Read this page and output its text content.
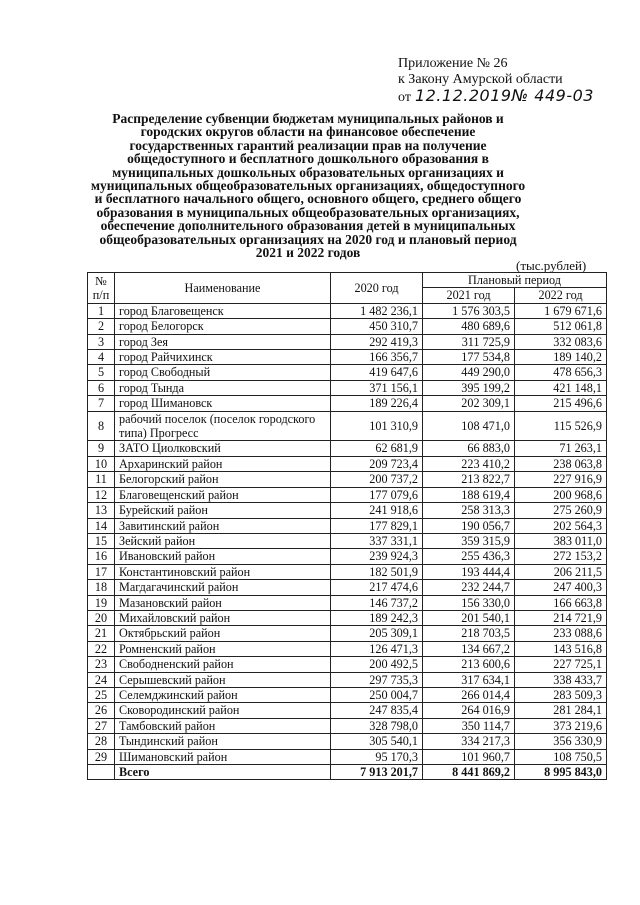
Приложение № 26
к Закону Амурской области
от 12.12.2019№ 449-03
Распределение субвенции бюджетам муниципальных районов и городских округов области на финансовое обеспечение государственных гарантий реализации прав на получение общедоступного и бесплатного дошкольного образования в муниципальных дошкольных образовательных организациях и муниципальных общеобразовательных организациях, общедоступного и бесплатного начального общего, основного общего, среднего общего образования в муниципальных общеобразовательных организациях, обеспечение дополнительного образования детей в муниципальных общеобразовательных организациях на 2020 год и плановый период 2021 и 2022 годов
(тыс.рублей)
№ п/п	Наименование	2020 год	Плановый период	
			2021 год	2022 год
1	город Благовещенск	1 482 236,1	1 576 303,5	1 679 671,6
2	город Белогорск	450 310,7	480 689,6	512 061,8
3	город Зея	292 419,3	311 725,9	332 083,6
4	город Райчихинск	166 356,7	177 534,8	189 140,2
5	город Свободный	419 647,6	449 290,0	478 656,3
6	город Тында	371 156,1	395 199,2	421 148,1
7	город Шимановск	189 226,4	202 309,1	215 496,6
8	рабочий поселок (поселок городского типа) Прогресс	101 310,9	108 471,0	115 526,9
9	ЗАТО Циолковский	62 681,9	66 883,0	71 263,1
10	Архаринский район	209 723,4	223 410,2	238 063,8
11	Белогорский район	200 737,2	213 822,7	227 916,9
12	Благовещенский район	177 079,6	188 619,4	200 968,6
13	Бурейский район	241 918,6	258 313,3	275 260,9
14	Завитинский район	177 829,1	190 056,7	202 564,3
15	Зейский район	337 331,1	359 315,9	383 011,0
16	Ивановский район	239 924,3	255 436,3	272 153,2
17	Константиновский район	182 501,9	193 444,4	206 211,5
18	Магдагачинский район	217 474,6	232 244,7	247 400,3
19	Мазановский район	146 737,2	156 330,0	166 663,8
20	Михайловский район	189 242,3	201 540,1	214 721,9
21	Октябрьский район	205 309,1	218 703,5	233 088,6
22	Ромненский район	126 471,3	134 667,2	143 516,8
23	Свободненский район	200 492,5	213 600,6	227 725,1
24	Серышевский район	297 735,3	317 634,1	338 433,7
25	Селемджинский район	250 004,7	266 014,4	283 509,3
26	Сковородинский район	247 835,4	264 016,9	281 284,1
27	Тамбовский район	328 798,0	350 114,7	373 219,6
28	Тындинский район	305 540,1	334 217,3	356 330,9
29	Шимановский район	95 170,3	101 960,7	108 750,5
	Всего	7 913 201,7	8 441 869,2	8 995 843,0
